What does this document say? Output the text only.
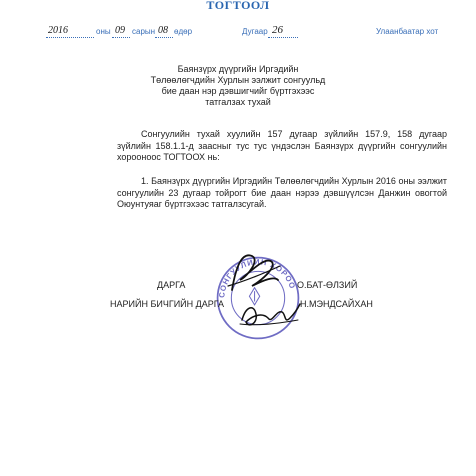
ТОГТООЛ
2016	оны 09 сарын 08 өдөр	Дугаар 26	Улаанбаатар хот
Баянзүрх дүүргийн Иргэдийн
Төлөөлөгчдийн Хурлын ээлжит сонгуульд
бие даан нэр дэвшигчийг бүртгэхээс
татгалзах тухай
Сонгуулийн тухай хуулийн 157 дугаар зүйлийн 157.9, 158 дугаар зүйлийн 158.1.1-д заасныг тус тус үндэслэн Баянзүрх дүүргийн сонгуулийн хорооноос ТОГТООХ нь:
1. Баянзүрх дүүргийн Иргэдийн Төлөөлөгчдийн Хурлын 2016 оны ээлжит сонгуулийн 23 дугаар тойрогт бие даан нэрээ дэвшүүлсэн Данжин овогтой Оюунтуяаг бүртгэхээс татгалзсугай.
СОНГУУЛИЙН ХОРОО
ДАРГА	О.БАТ-ӨЛЗИЙ
НАРИЙН БИЧГИЙН ДАРГА	Н.МЭНДСАЙХАН
